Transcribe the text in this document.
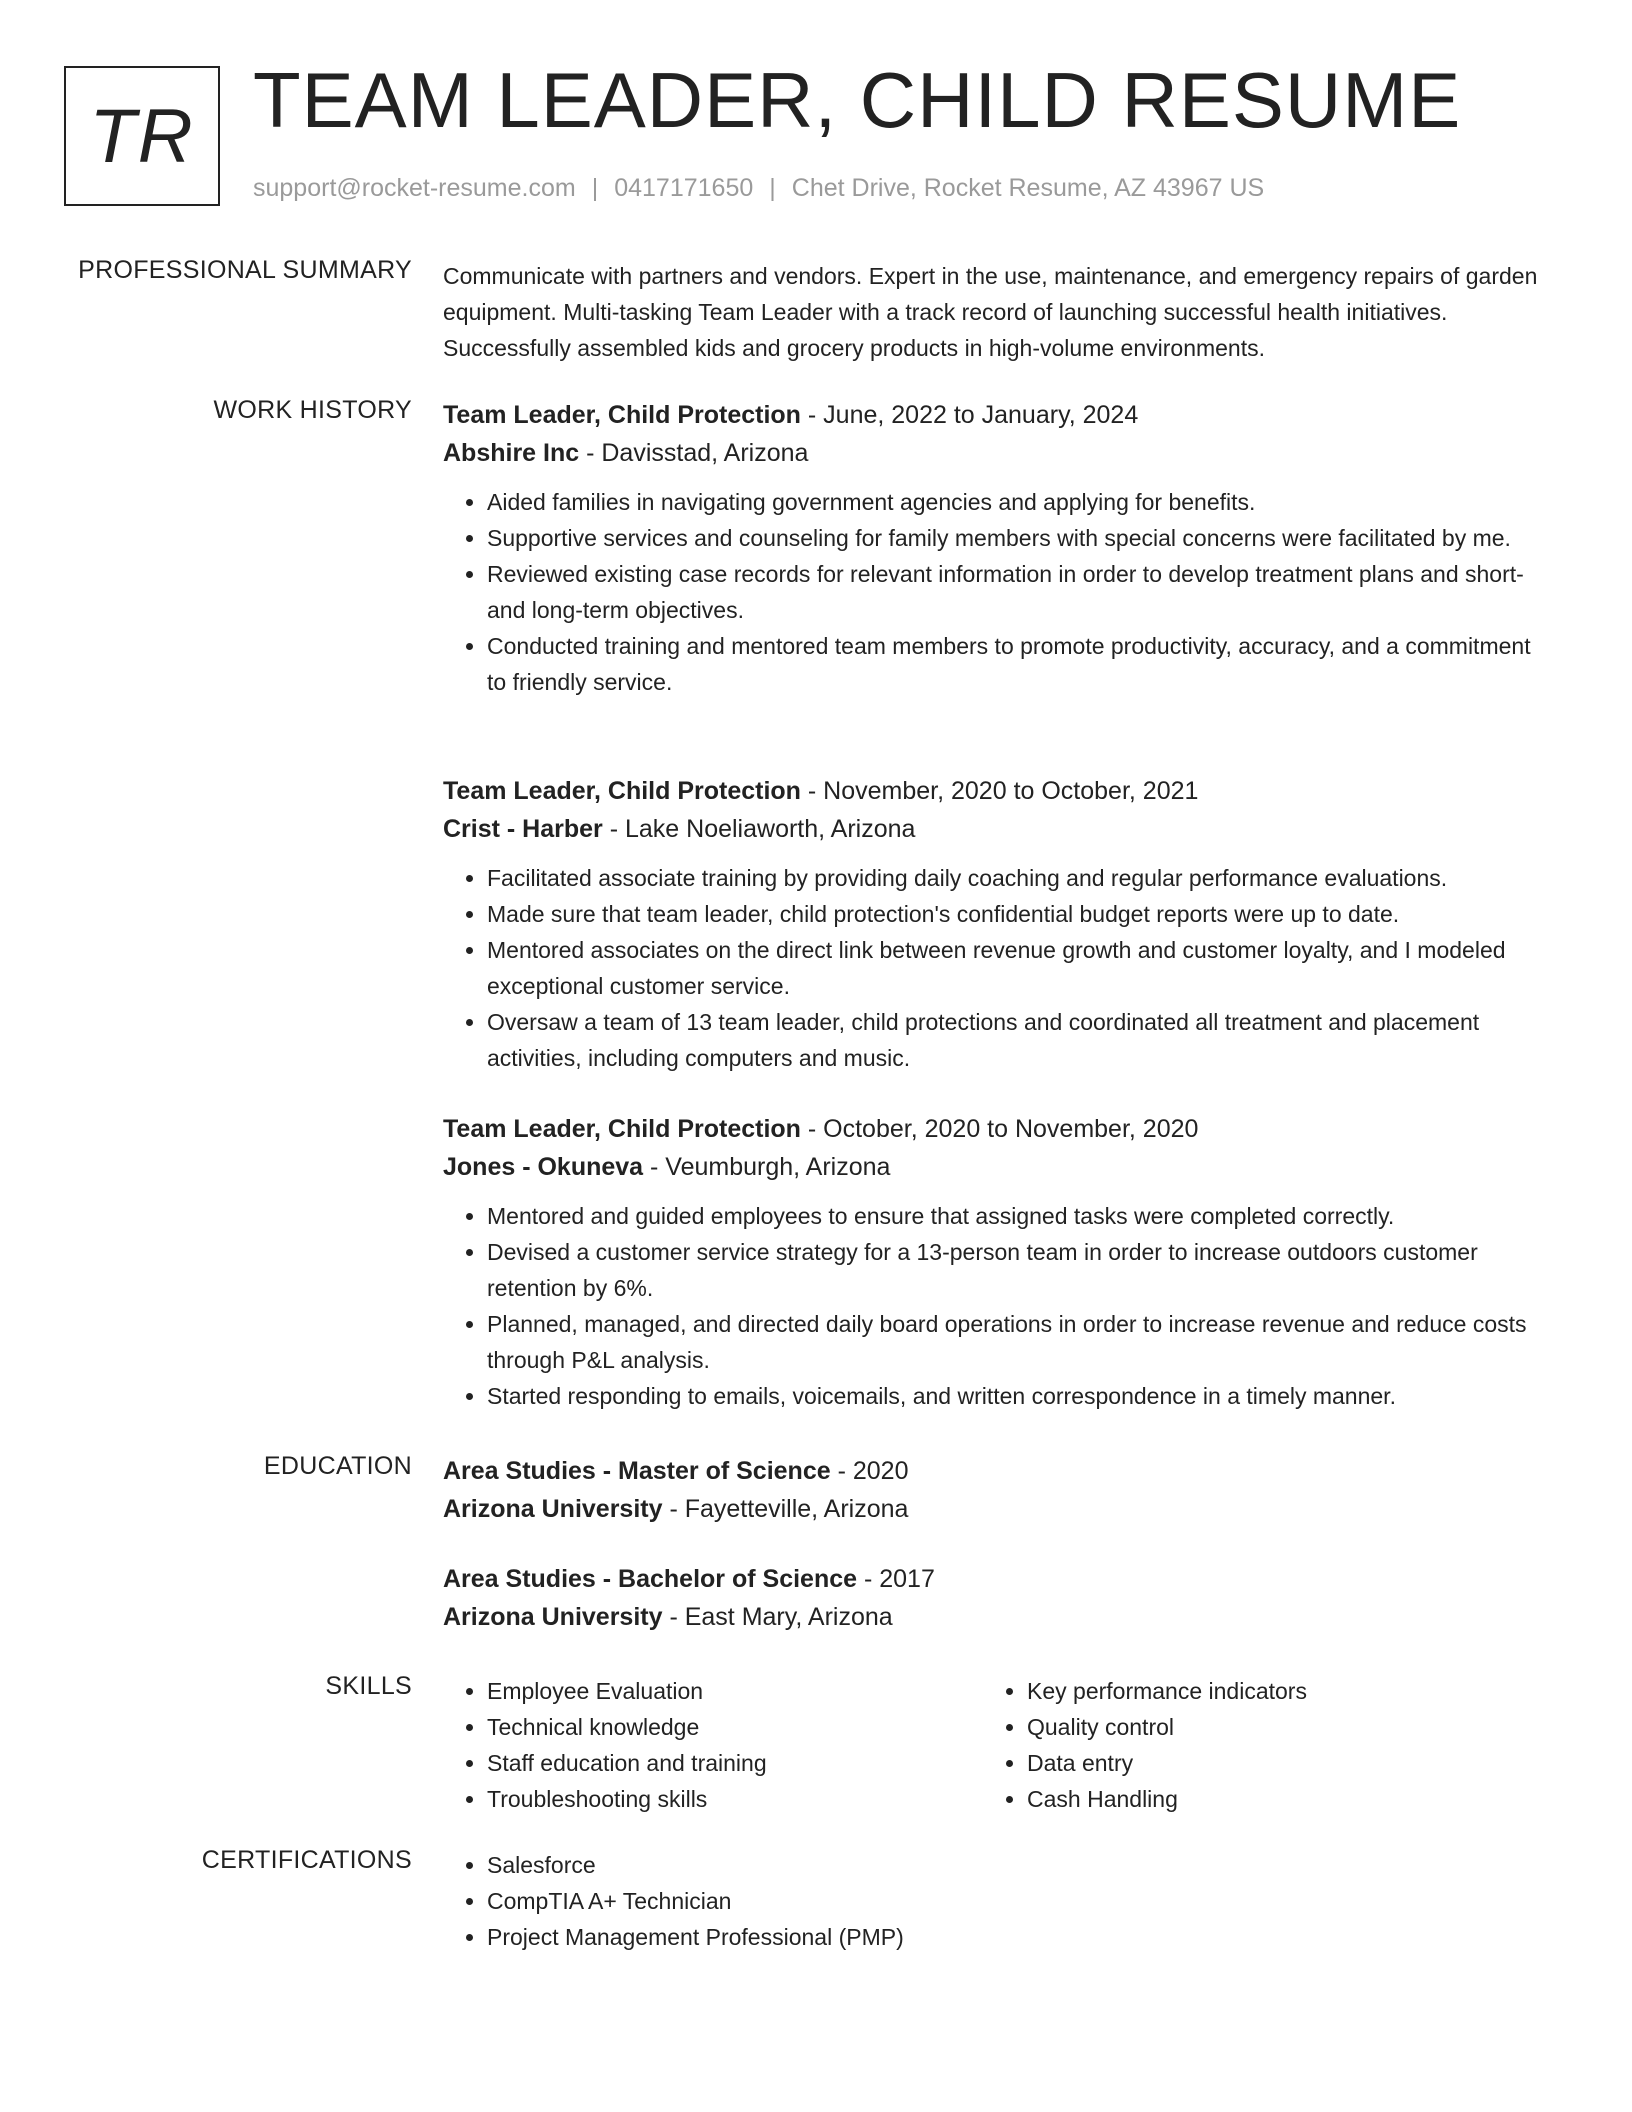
TR TEAM LEADER, CHILD RESUME
support@rocket-resume.com | 0417171650 | Chet Drive, Rocket Resume, AZ 43967 US
PROFESSIONAL SUMMARY Communicate with partners and vendors. Expert in the use, maintenance, and emergency repairs of garden equipment. Multi-tasking Team Leader with a track record of launching successful health initiatives. Successfully assembled kids and grocery products in high-volume environments.

WORK HISTORY Team Leader, Child Protection - June, 2022 to January, 2024

Abshire Inc - Davisstad, Arizona

• Aided families in navigating government agencies and applying for benefits.
• Supportive services and counseling for family members with special concerns were facilitated by me.
• Reviewed existing case records for relevant information in order to develop treatment plans and short- and long-term objectives.
• Conducted training and mentored team members to promote productivity, accuracy, and a commitment to friendly service.

Team Leader, Child Protection - November, 2020 to October, 2021

Crist - Harber - Lake Noeliaworth, Arizona

• Facilitated associate training by providing daily coaching and regular performance evaluations.
• Made sure that team leader, child protection's confidential budget reports were up to date.
• Mentored associates on the direct link between revenue growth and customer loyalty, and I modeled exceptional customer service.
• Oversaw a team of 13 team leader, child protections and coordinated all treatment and placement activities, including computers and music.

Team Leader, Child Protection - October, 2020 to November, 2020

Jones - Okuneva - Veumburgh, Arizona

• Mentored and guided employees to ensure that assigned tasks were completed correctly.
• Devised a customer service strategy for a 13-person team in order to increase outdoors customer retention by 6%.
• Planned, managed, and directed daily board operations in order to increase revenue and reduce costs through P&L analysis.
• Started responding to emails, voicemails, and written correspondence in a timely manner.
EDUCATION Area Studies - Master of Science - 2020

Arizona University - Fayetteville, Arizona

Area Studies - Bachelor of Science - 2017

Arizona University - East Mary, Arizona

SKILLS	• Employee Evaluation
• Technical knowledge
• Staff education and training
• Troubleshooting skills
• Key performance indicators
• Quality control
• Data entry
• Cash Handling
CERTIFICATIONS	• Salesforce
• CompTIA A+ Technician
• Project Management Professional (PMP)
